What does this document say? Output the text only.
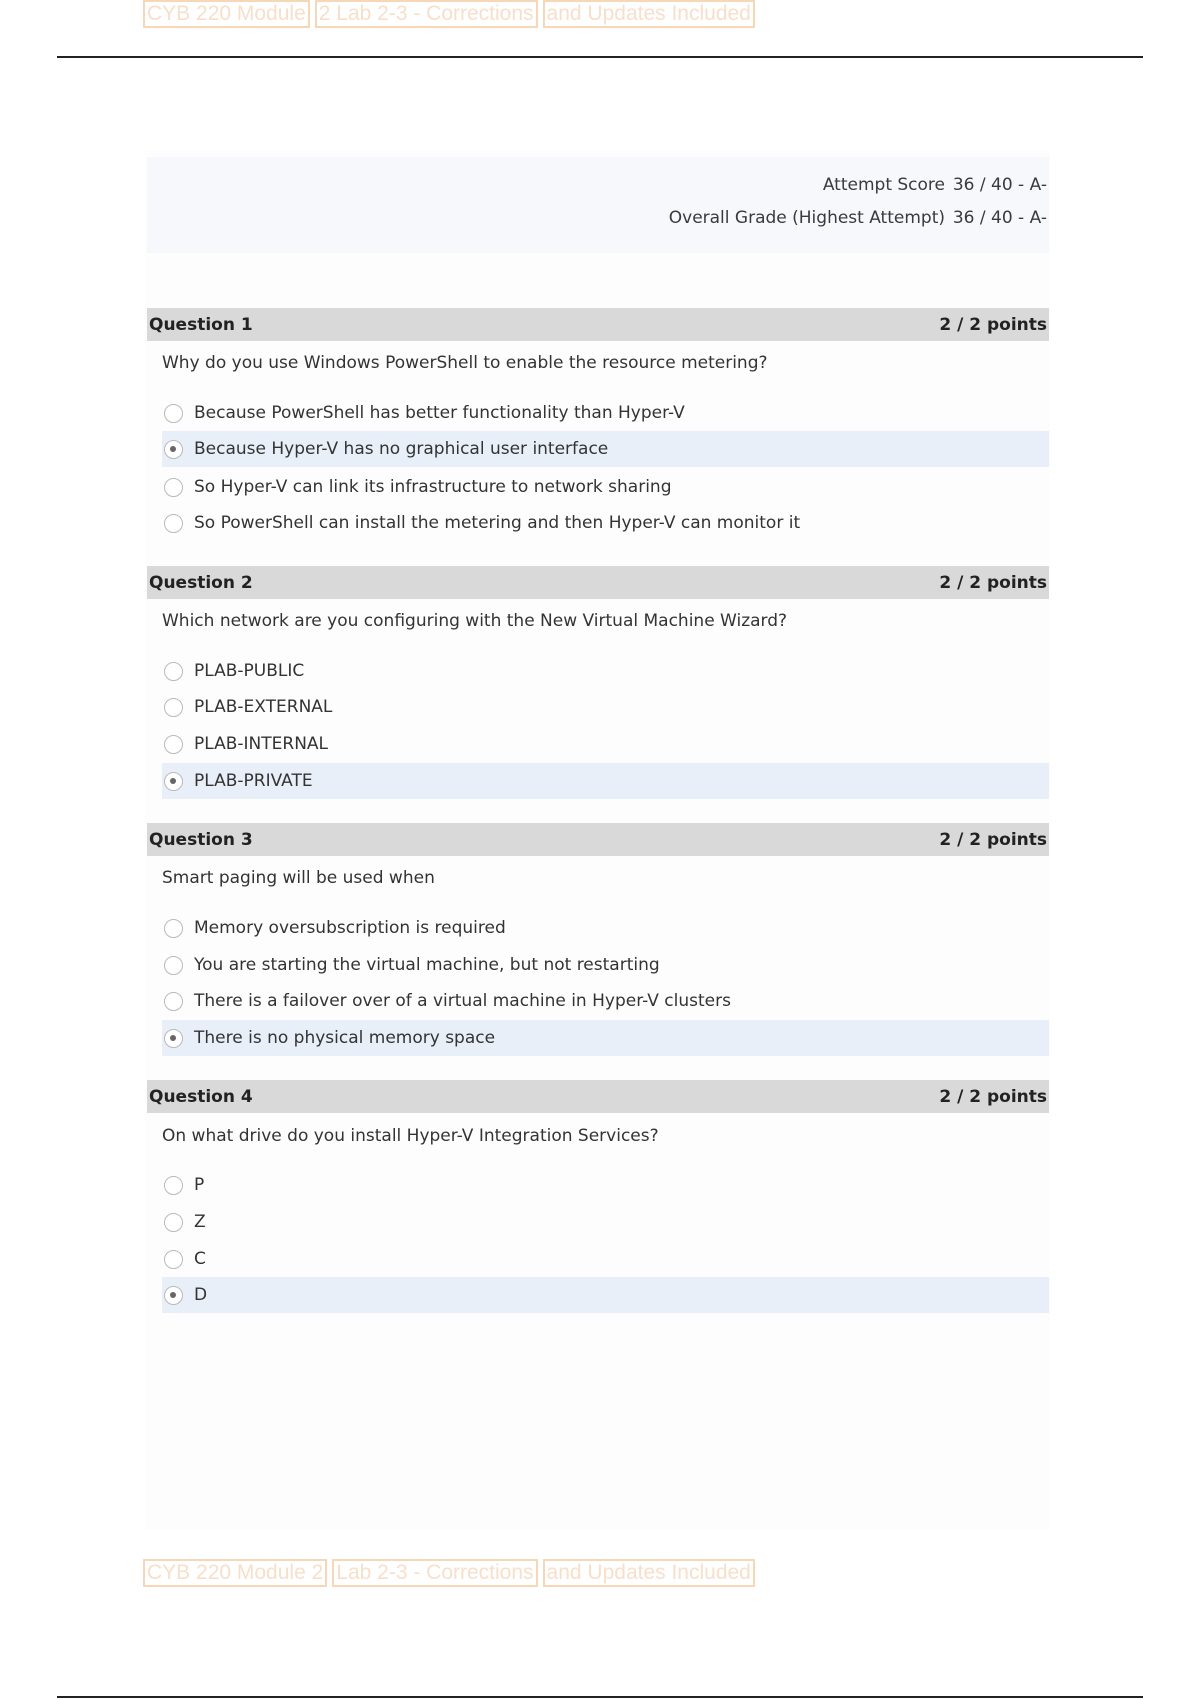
CYB 220 Module 2 Lab 2-3 - Corrections and Updates Included
Attempt Score 36 / 40 - A-
Overall Grade (Highest Attempt) 36 / 40 - A-
Question 1	2 / 2 points
Why do you use Windows PowerShell to enable the resource metering?
Because PowerShell has better functionality than Hyper-V
Because Hyper-V has no graphical user interface
So Hyper-V can link its infrastructure to network sharing
So PowerShell can install the metering and then Hyper-V can monitor it
Question 2	2 / 2 points
Which network are you configuring with the New Virtual Machine Wizard?
PLAB-PUBLIC
PLAB-EXTERNAL
PLAB-INTERNAL
PLAB-PRIVATE
Question 3	2 / 2 points
Smart paging will be used when
Memory oversubscription is required
You are starting the virtual machine, but not restarting
There is a failover over of a virtual machine in Hyper-V clusters
There is no physical memory space
Question 4	2 / 2 points
On what drive do you install Hyper-V Integration Services?
P
Z
C
D
CYB 220 Module 2 Lab 2-3 - Corrections and Updates Included
